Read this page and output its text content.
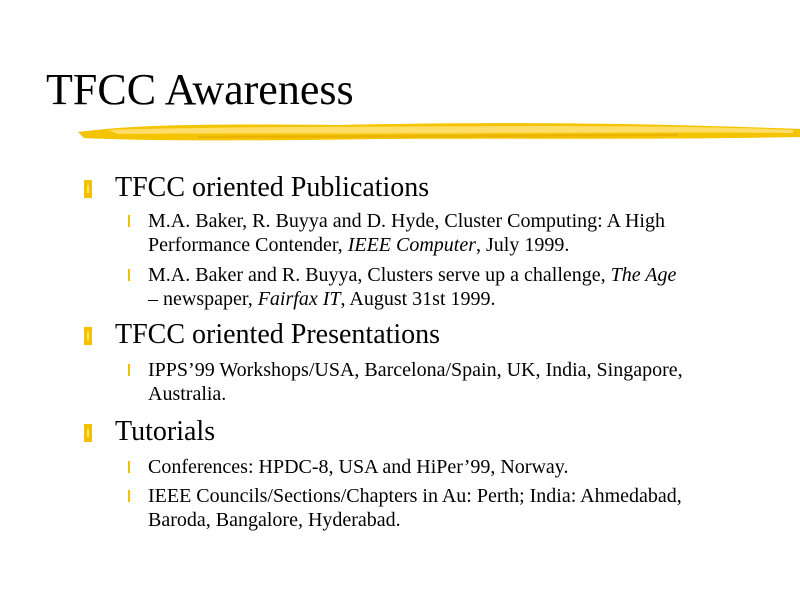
TFCC Awareness
TFCC oriented Publications
M.A. Baker, R. Buyya and D. Hyde, Cluster Computing: A High
Performance Contender, IEEE Computer, July 1999.
M.A. Baker and R. Buyya, Clusters serve up a challenge, The Age
– newspaper, Fairfax IT, August 31st 1999.
TFCC oriented Presentations
IPPS’99 Workshops/USA, Barcelona/Spain, UK, India, Singapore,
Australia.
Tutorials
Conferences: HPDC-8, USA and HiPer’99, Norway.
IEEE Councils/Sections/Chapters in Au: Perth; India: Ahmedabad,
Baroda, Bangalore, Hyderabad.
